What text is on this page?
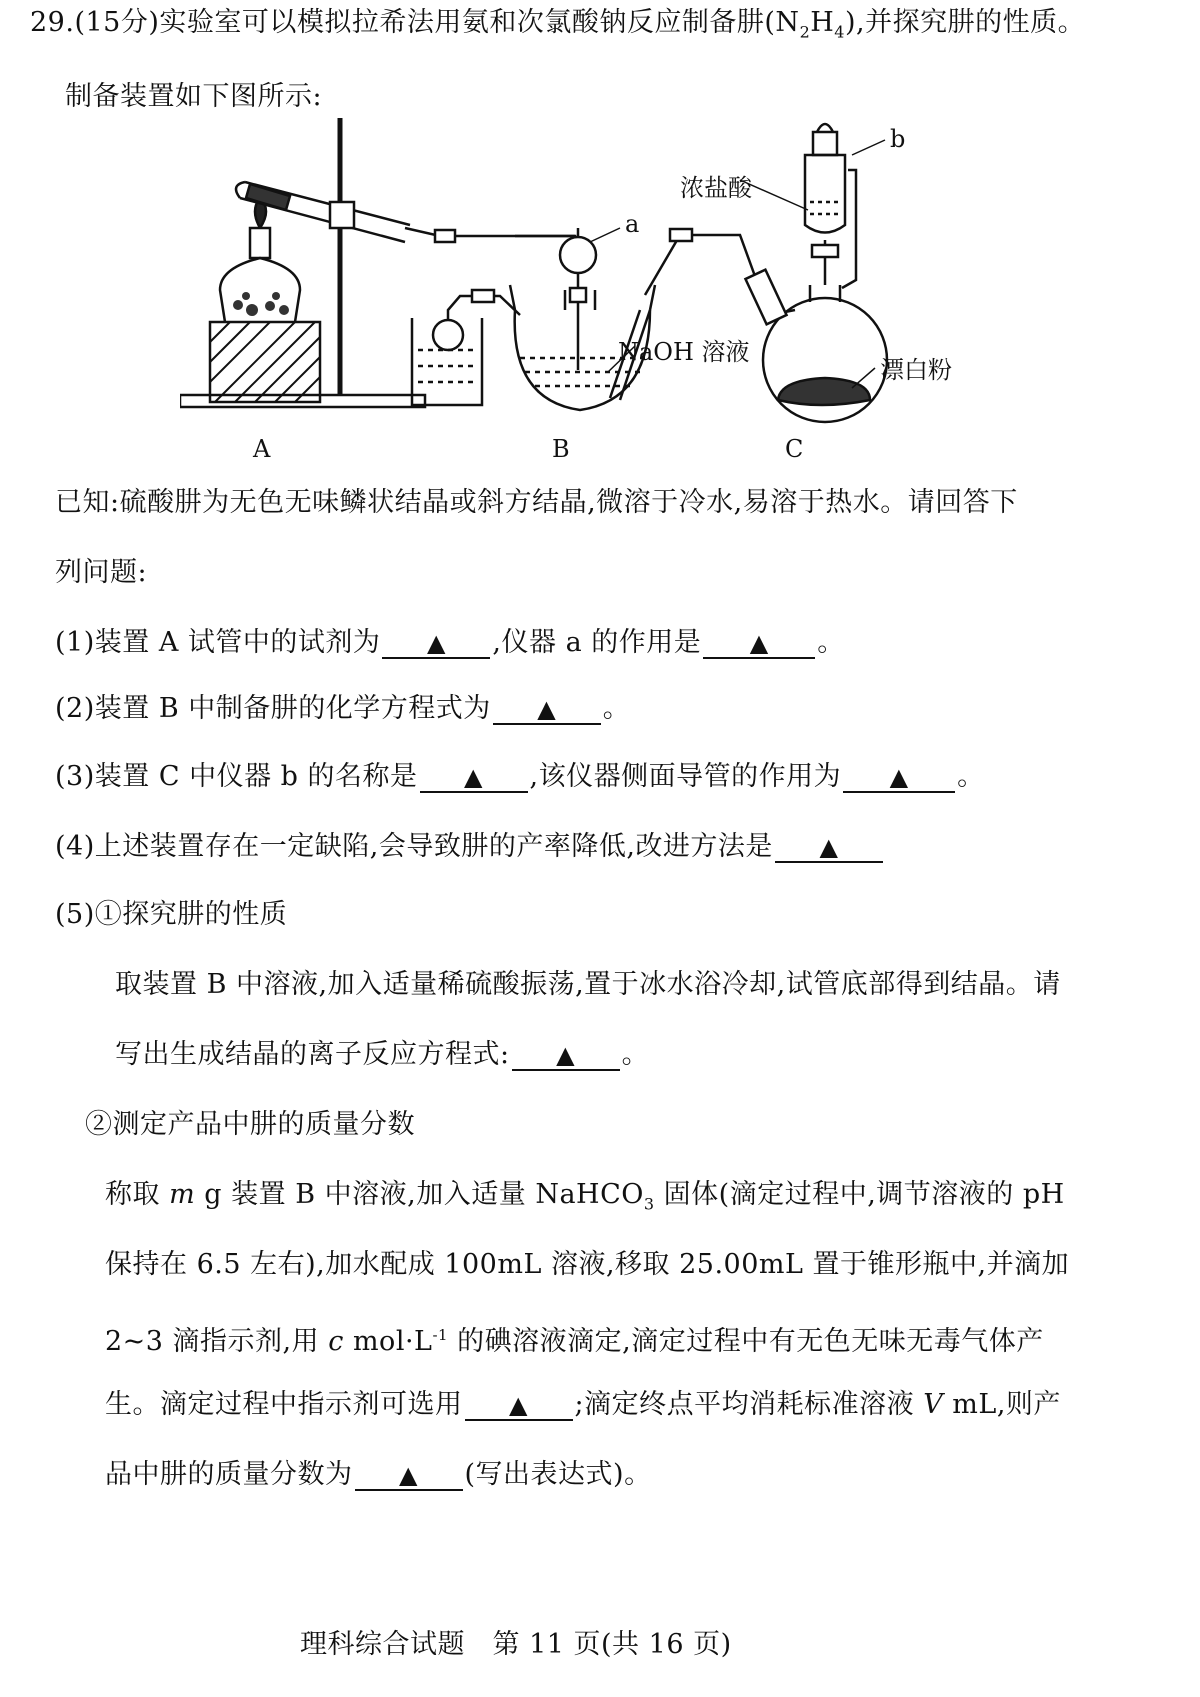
29.(15分)实验室可以模拟拉希法用氨和次氯酸钠反应制备肼$(N_2H_4)$,并探究肼的性质。
制备装置如下图所示:
A	B	C
a
b
浓盐酸
NaOH 溶液
漂白粉
已知:硫酸肼为无色无味鳞状结晶或斜方结晶,微溶于冷水,易溶于热水。请回答下
列问题:
(1)装置 A 试管中的试剂为 ▲ ,仪器 a 的作用是 ▲ 。
(2)装置 B 中制备肼的化学方程式为 ▲ 。
(3)装置 C 中仪器 b 的名称是 ▲ ,该仪器侧面导管的作用为 ▲ 。
(4)上述装置存在一定缺陷,会导致肼的产率降低,改进方法是 ▲
(5)①探究肼的性质
取装置 B 中溶液,加入适量稀硫酸振荡,置于冰水浴冷却,试管底部得到结晶。请
写出生成结晶的离子反应方程式: ▲ 。
②测定产品中肼的质量分数
称取 m g 装置 B 中溶液,加入适量 NaHCO$_3$ 固体(滴定过程中,调节溶液的 pH
保持在 6.5 左右),加水配成 100mL 溶液,移取 25.00mL 置于锥形瓶中,并滴加
2~3 滴指示剂,用 c $mol\cdot L^{-1}$ 的碘溶液滴定,滴定过程中有无色无味无毒气体产
生。滴定过程中指示剂可选用 ▲ ;滴定终点平均消耗标准溶液 V mL,则产
品中肼的质量分数为 ▲ (写出表达式)。
理科综合试题　第 11 页(共 16 页)
